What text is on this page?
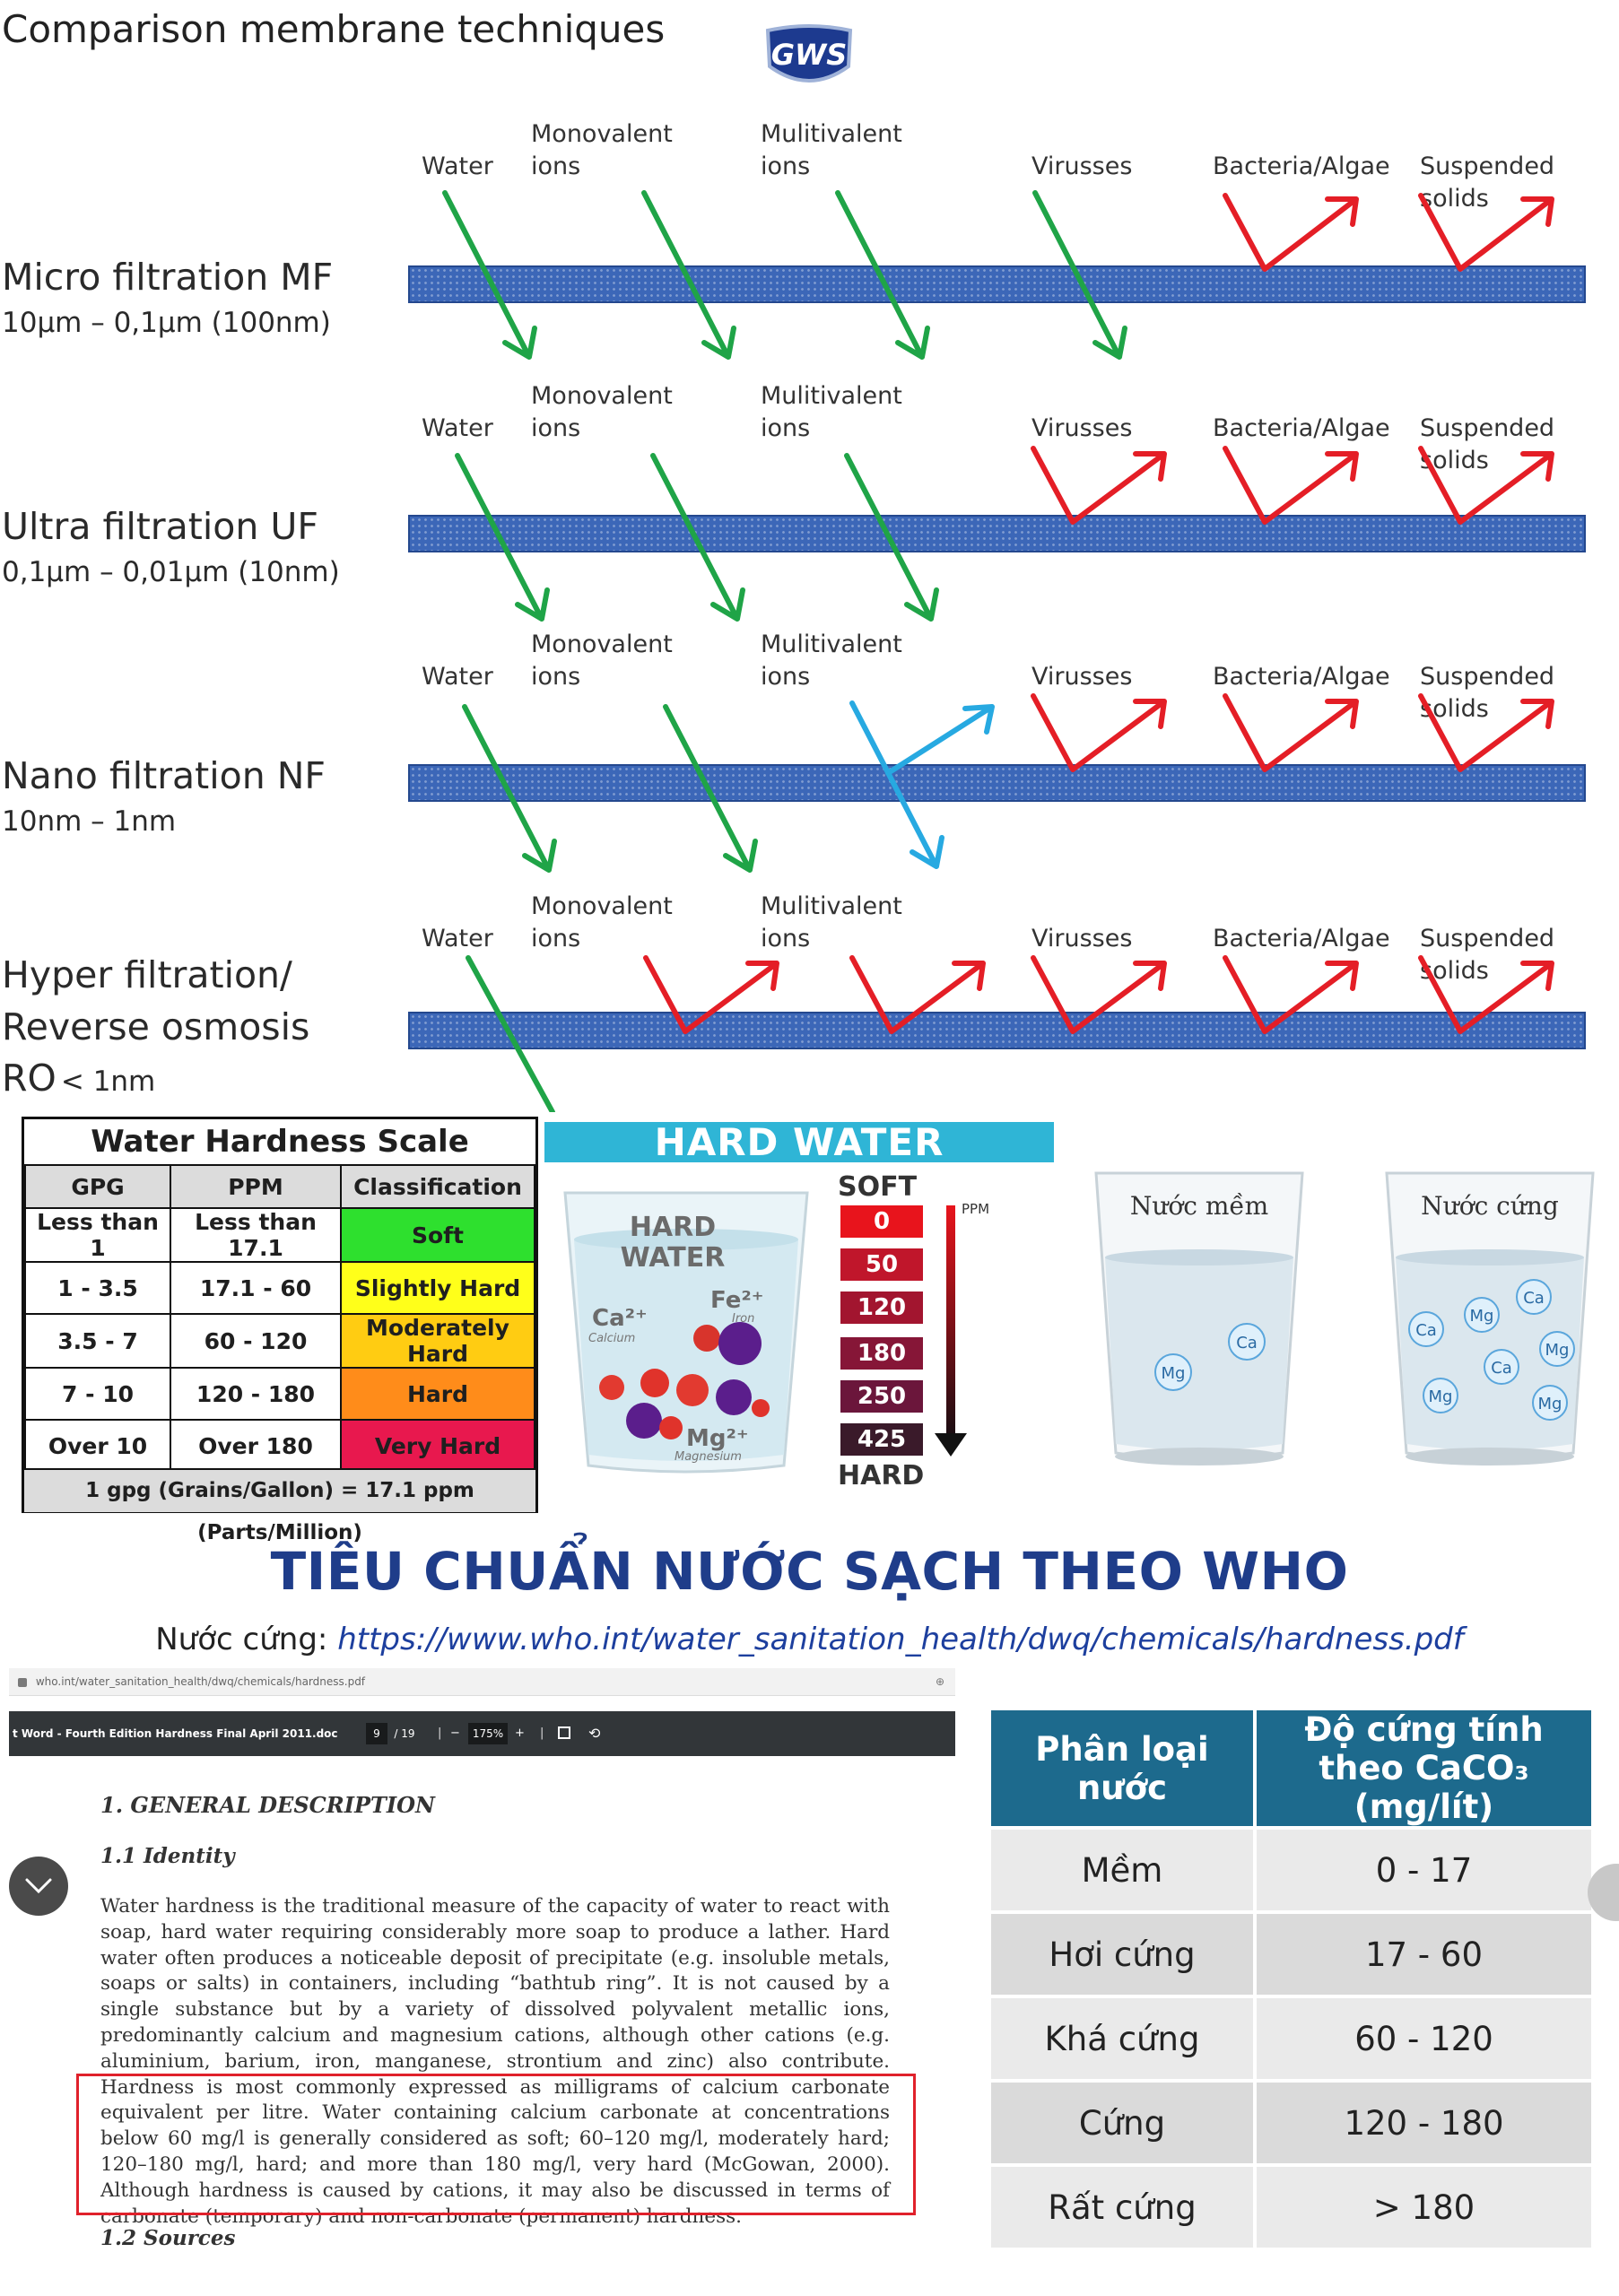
Comparison membrane techniques
GWS
Micro filtration MF
10µm – 0,1µm (100nm)
Ultra filtration UF
0,1µm – 0,01µm (10nm)
Nano filtration NF
10nm – 1nm
Hyper filtration/
Reverse osmosis
RO < 1nm
Water
Monovalent
ions
Mulitivalent
ions	Virusses	Bacteria/Algae Suspended solids
Water
Monovalent
ions
Mulitivalent
ions	Virusses	Bacteria/Algae Suspended solids
Water
Monovalent
ions
Mulitivalent
ions	Virusses	Bacteria/Algae Suspended solids
Water
Monovalent
ions
Mulitivalent
ions	Virusses	Bacteria/Algae Suspended solids
Water Hardness Scale
GPG	PPM	Classification
Less than 1	Less than 17.1	Soft
1 - 3.5	17.1 - 60	Slightly Hard
3.5 - 7	60 - 120	Moderately Hard
7 - 10	120 - 180	Hard
Over 10	Over 180	Very Hard
1 gpg (Grains/Gallon) = 17.1 ppm (Parts/Million)
HARD WATER
HARD
WATER
Ca²⁺
Calcium
Fe²⁺
Iron
Mg²⁺
Magnesium
SOFT
PPM
0
50
120
180
250
425
HARD
Nước mềm
Mg
Ca
Nước cứng
Ca
Mg
Ca
Mg
Ca
Mg	Mg
TIÊU CHUẨN NƯỚC SẠCH THEO WHO
Nước cứng: https://www.who.int/water_sanitation_health/dwq/chemicals/hardness.pdf
who.int/water_sanitation_health/dwq/chemicals/hardness.pdf	⊕
t Word - Fourth Edition Hardness Final April 2011.doc	9	/ 19 | −	175% + |	⟲
1. GENERAL DESCRIPTION
1.1 Identity
Water hardness is the traditional measure of the capacity of water to react with soap, hard water requiring considerably more soap to produce a lather. Hard water often produces a noticeable deposit of precipitate (e.g. insoluble metals, soaps or salts) in containers, including “bathtub ring”. It is not caused by a single substance but by a variety of dissolved polyvalent metallic ions, predominantly calcium and magnesium cations, although other cations (e.g. aluminium, barium, iron, manganese, strontium and zinc) also contribute. Hardness is most commonly expressed as milligrams of calcium carbonate equivalent per litre. Water containing calcium carbonate at concentrations below 60 mg/l is generally considered as soft; 60–120 mg/l, moderately hard; 120–180 mg/l, hard; and more than 180 mg/l, very hard (McGowan, 2000). Although hardness is caused by cations, it may also be discussed in terms of carbonate (temporary) and non-carbonate (permanent) hardness.
1.2 Sources
Phân loại nước	Độ cứng tính
theo CaCO₃ (mg/lít)

Mềm	0 - 17
Hơi cứng	17 - 60
Khá cứng	60 - 120
Cứng	120 - 180
Rất cứng	> 180
